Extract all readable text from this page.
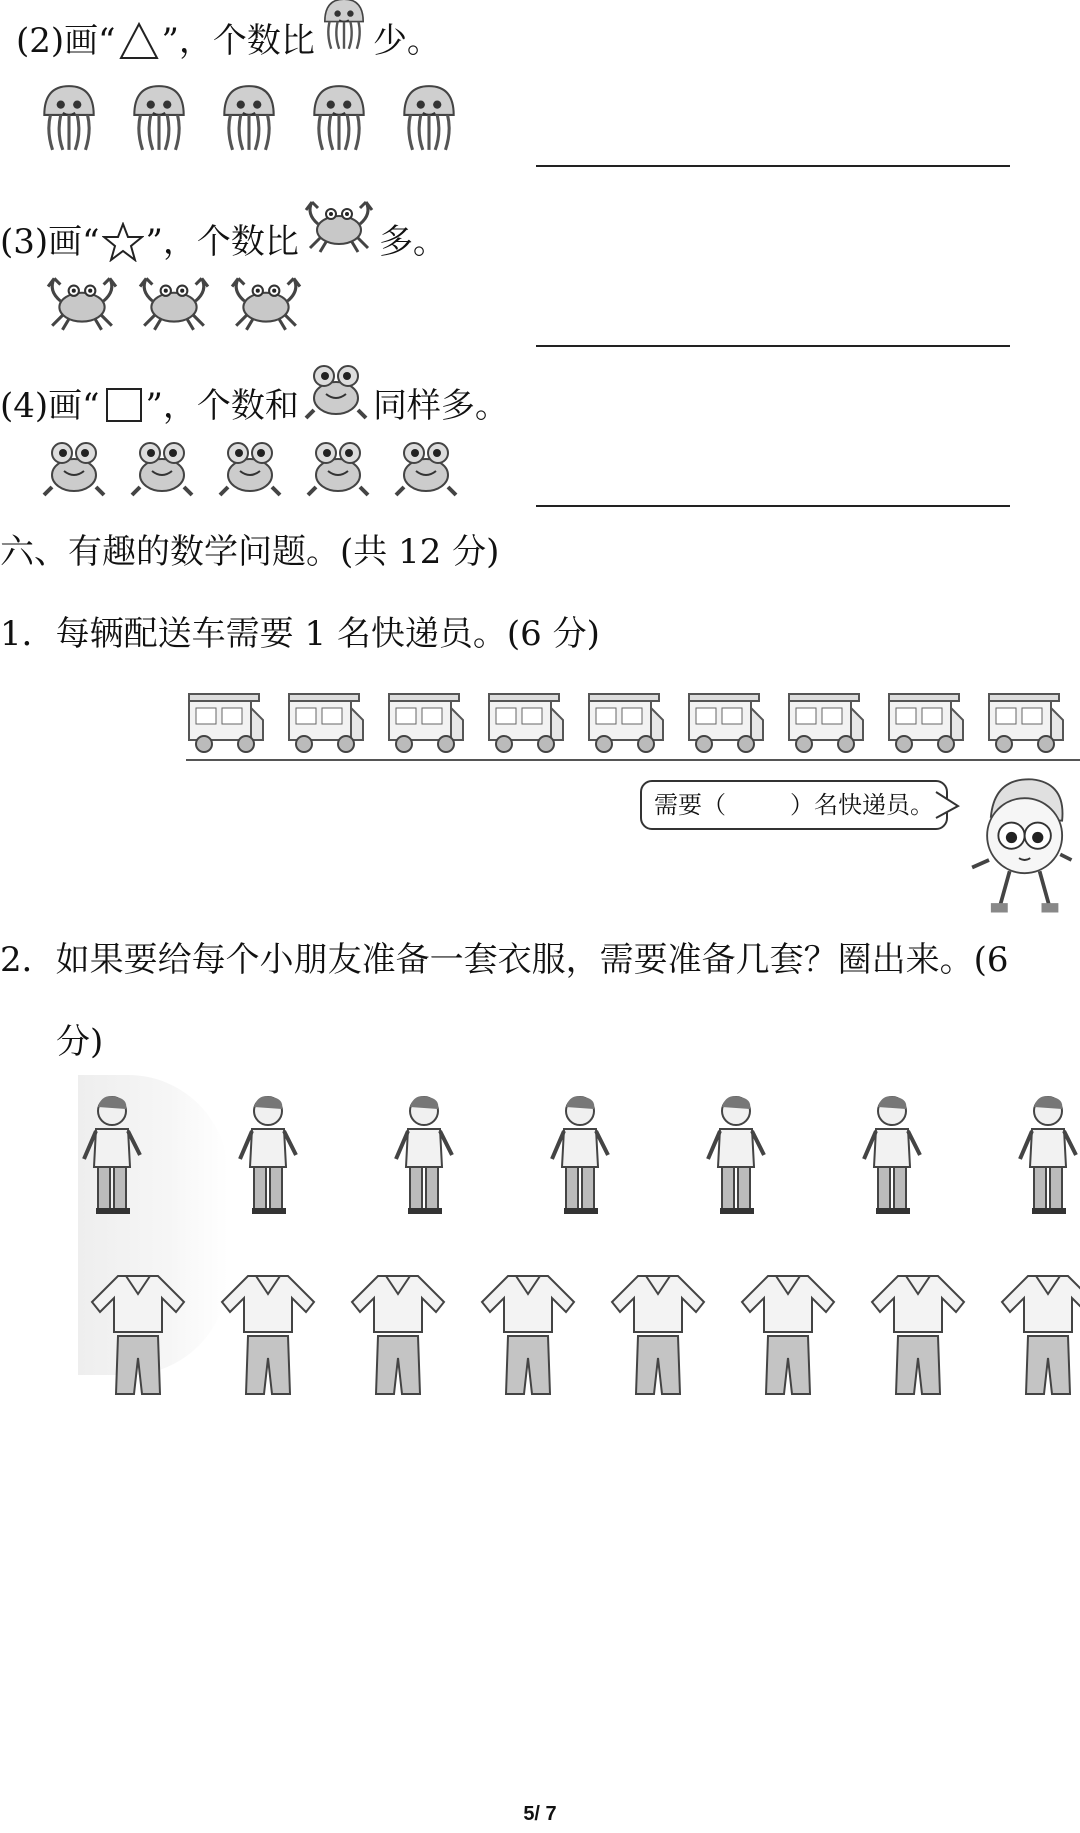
(2)画“ ”，个数比 少。
(3)画“ ”，个数比 多。
(4)画“ ”，个数和 同样多。
六、有趣的数学问题。(共 12 分)
1．每辆配送车需要 1 名快递员。(6 分)
需要（	）名快递员。
2．如果要给每个小朋友准备一套衣服，需要准备几套？圈出来。(6
分)
5/ 7
